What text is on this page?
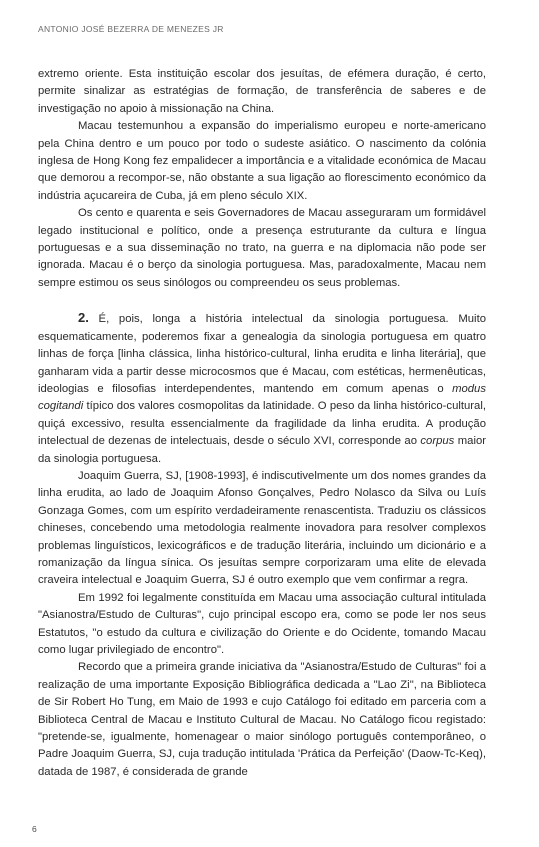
ANTONIO JOSÉ BEZERRA DE MENEZES JR

extremo oriente. Esta instituição escolar dos jesuítas, de efémera duração, é certo, permite sinalizar as estratégias de formação, de transferência de saberes e de investigação no apoio à missionação na China.

Macau testemunhou a expansão do imperialismo europeu e norte-americano pela China dentro e um pouco por todo o sudeste asiático. O nascimento da colónia inglesa de Hong Kong fez empalidecer a importância e a vitalidade económica de Macau que demorou a recompor-se, não obstante a sua ligação ao florescimento económico da indústria açucareira de Cuba, já em pleno século XIX.

Os cento e quarenta e seis Governadores de Macau asseguraram um formidável legado institucional e político, onde a presença estruturante da cultura e língua portuguesas e a sua disseminação no trato, na guerra e na diplomacia não pode ser ignorada. Macau é o berço da sinologia portuguesa. Mas, paradoxalmente, Macau nem sempre estimou os seus sinólogos ou compreendeu os seus problemas.

2. É, pois, longa a história intelectual da sinologia portuguesa. Muito esquematicamente, poderemos fixar a genealogia da sinologia portuguesa em quatro linhas de força [linha clássica, linha histórico-cultural, linha erudita e linha literária], que ganharam vida a partir desse microcosmos que é Macau, com estéticas, hermenêuticas, ideologias e filosofias interdependentes, mantendo em comum apenas o modus cogitandi típico dos valores cosmopolitas da latinidade. O peso da linha histórico-cultural, quiçá excessivo, resulta essencialmente da fragilidade da linha erudita. A produção intelectual de dezenas de intelectuais, desde o século XVI, corresponde ao corpus maior da sinologia portuguesa.

Joaquim Guerra, SJ, [1908-1993], é indiscutivelmente um dos nomes grandes da linha erudita, ao lado de Joaquim Afonso Gonçalves, Pedro Nolasco da Silva ou Luís Gonzaga Gomes, com um espírito verdadeiramente renascentista. Traduziu os clássicos chineses, concebendo uma metodologia realmente inovadora para resolver complexos problemas linguísticos, lexicográficos e de tradução literária, incluindo um dicionário e a romanização da língua sínica. Os jesuítas sempre corporizaram uma elite de elevada craveira intelectual e Joaquim Guerra, SJ é outro exemplo que vem confirmar a regra.

Em 1992 foi legalmente constituída em Macau uma associação cultural intitulada "Asianostra/Estudo de Culturas", cujo principal escopo era, como se pode ler nos seus Estatutos, "o estudo da cultura e civilização do Oriente e do Ocidente, tomando Macau como lugar privilegiado de encontro".

Recordo que a primeira grande iniciativa da "Asianostra/Estudo de Culturas" foi a realização de uma importante Exposição Bibliográfica dedicada a "Lao Zi", na Biblioteca de Sir Robert Ho Tung, em Maio de 1993 e cujo Catálogo foi editado em parceria com a Biblioteca Central de Macau e Instituto Cultural de Macau. No Catálogo ficou registado: "pretende-se, igualmente, homenagear o maior sinólogo português contemporâneo, o Padre Joaquim Guerra, SJ, cuja tradução intitulada 'Prática da Perfeição' (Daow-Tc-Keq), datada de 1987, é considerada de grande

6
